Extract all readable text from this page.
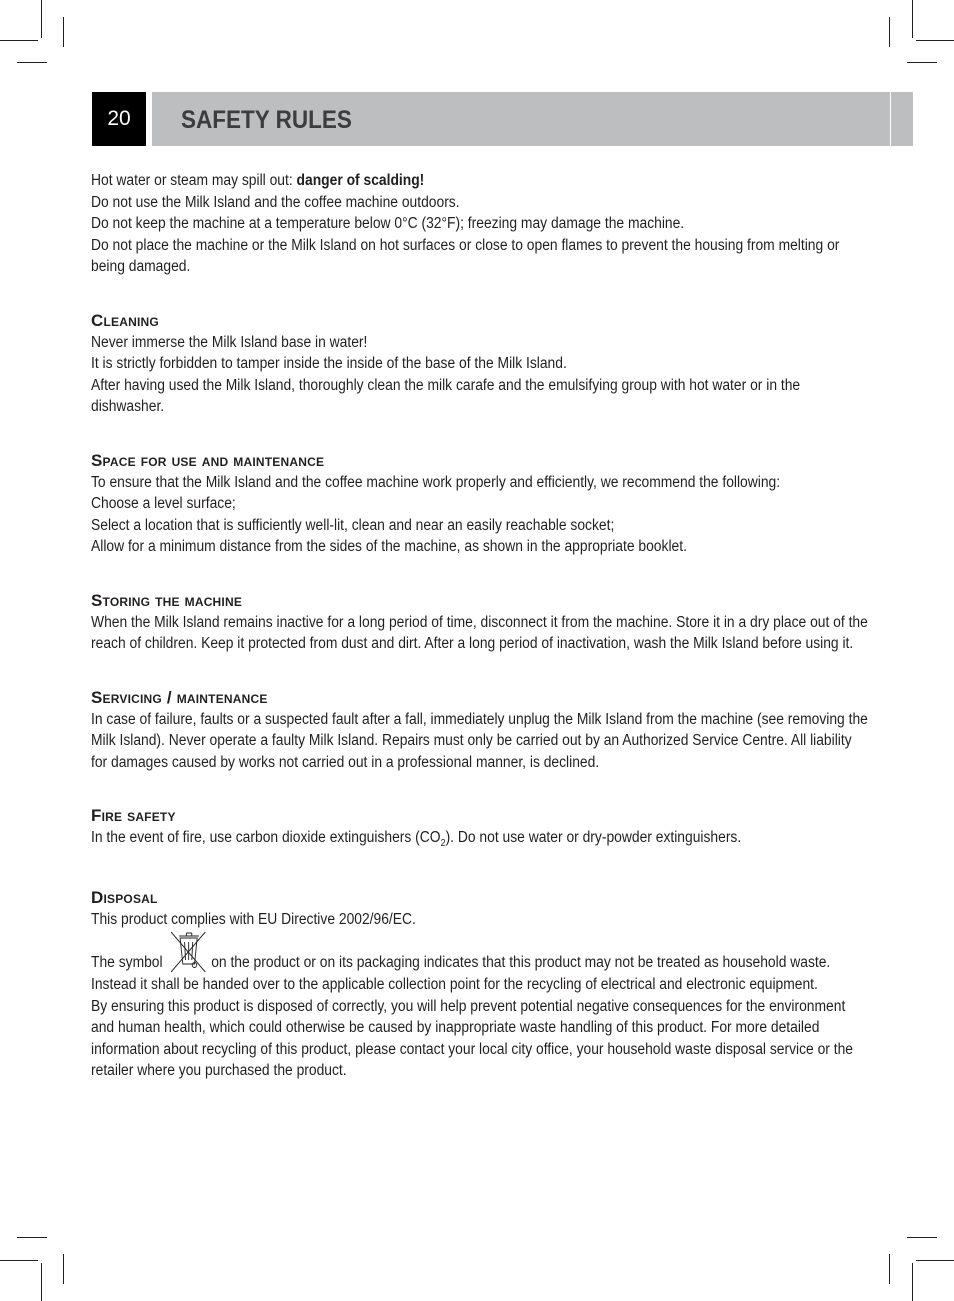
20	SAFETY RULES

Hot water or steam may spill out: danger of scalding!

Do not use the Milk Island and the coffee machine outdoors.

Do not keep the machine at a temperature below 0°C (32°F); freezing may damage the machine.

Do not place the machine or the Milk Island on hot surfaces or close to open flames to prevent the housing from melting or being damaged.

Cleaning

Never immerse the Milk Island base in water!

It is strictly forbidden to tamper inside the inside of the base of the Milk Island.

After having used the Milk Island, thoroughly clean the milk carafe and the emulsifying group with hot water or in the dishwasher.

Space for use and maintenance

To ensure that the Milk Island and the coffee machine work properly and efficiently, we recommend the following:

Choose a level surface;

Select a location that is sufficiently well-lit, clean and near an easily reachable socket;

Allow for a minimum distance from the sides of the machine, as shown in the appropriate booklet.

Storing the machine

When the Milk Island remains inactive for a long period of time, disconnect it from the machine. Store it in a dry place out of the reach of children. Keep it protected from dust and dirt. After a long period of inactivation, wash the Milk Island before using it.

Servicing / maintenance

In case of failure, faults or a suspected fault after a fall, immediately unplug the Milk Island from the machine (see removing the Milk Island). Never operate a faulty Milk Island. Repairs must only be carried out by an Authorized Service Centre. All liability for damages caused by works not carried out in a professional manner, is declined.

Fire safety

In the event of fire, use carbon dioxide extinguishers $(CO_2)$. Do not use water or dry-powder extinguishers.

Disposal

This product complies with EU Directive 2002/96/EC.

The symbol	on the product or on its packaging indicates that this product may not be treated as household waste. Instead it shall be handed over to the applicable collection point for the recycling of electrical and electronic equipment.

By ensuring this product is disposed of correctly, you will help prevent potential negative consequences for the environment and human health, which could otherwise be caused by inappropriate waste handling of this product. For more detailed information about recycling of this product, please contact your local city office, your household waste disposal service or the retailer where you purchased the product.
